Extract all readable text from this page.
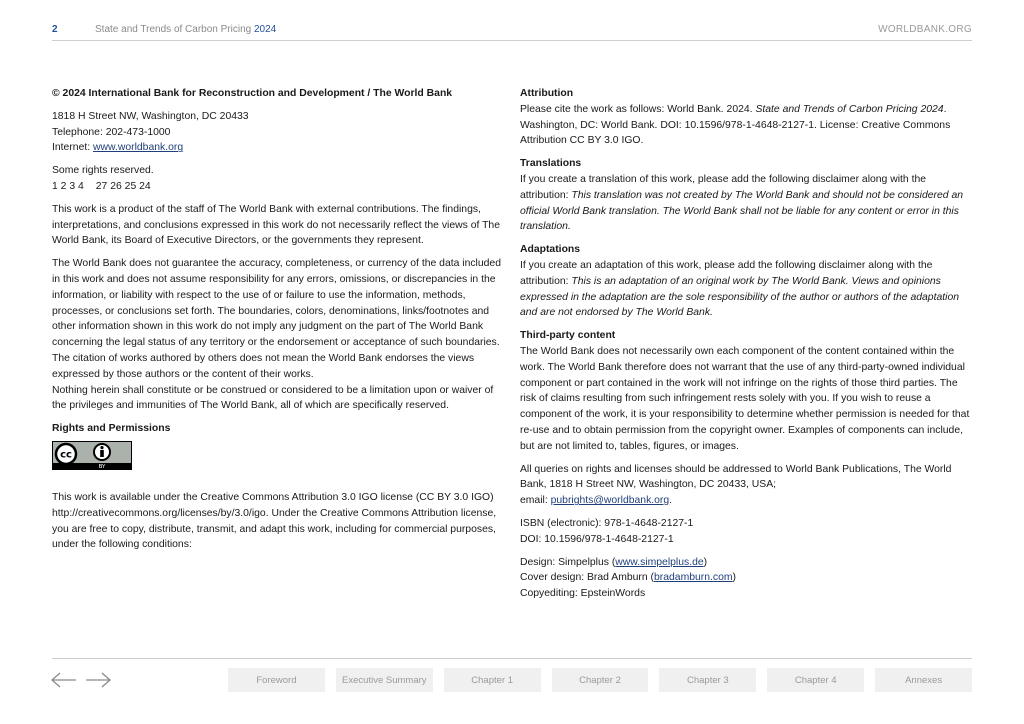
2	State and Trends of Carbon Pricing 2024	WORLDBANK.ORG

© 2024 International Bank for Reconstruction and Development / The World Bank

1818 H Street NW, Washington, DC 20433
Telephone: 202-473-1000
Internet: www.worldbank.org
Some rights reserved.
1 2 3 4 27 26 25 24

This work is a product of the staff of The World Bank with external contributions. The findings, interpretations, and conclusions expressed in this work do not necessarily reflect the views of The World Bank, its Board of Executive Directors, or the governments they represent.

The World Bank does not guarantee the accuracy, completeness, or currency of the data included in this work and does not assume responsibility for any errors, omissions, or discrepancies in the information, or liability with respect to the use of or failure to use the information, methods, processes, or conclusions set forth. The boundaries, colors, denominations, links/footnotes and other information shown in this work do not imply any judgment on the part of The World Bank concerning the legal status of any territory or the endorsement or acceptance of such boundaries. The citation of works authored by others does not mean the World Bank endorses the views expressed by those authors or the content of their works.

Nothing herein shall constitute or be construed or considered to be a limitation upon or waiver of the privileges and immunities of The World Bank, all of which are specifically reserved.

Rights and Permissions
cc
BY

This work is available under the Creative Commons Attribution 3.0 IGO license (CC BY 3.0 IGO) http://creativecommons.org/licenses/by/3.0/igo. Under the Creative Commons Attribution license, you are free to copy, distribute, transmit, and adapt this work, including for commercial purposes, under the following conditions:

Attribution
Please cite the work as follows: World Bank. 2024. State and Trends of Carbon Pricing 2024. Washington, DC: World Bank. DOI: 10.1596/978-1-4648-2127-1. License: Creative Commons Attribution CC BY 3.0 IGO.
Translations
If you create a translation of this work, please add the following disclaimer along with the attribution: This translation was not created by The World Bank and should not be considered an official World Bank translation. The World Bank shall not be liable for any content or error in this translation.
Adaptations
If you create an adaptation of this work, please add the following disclaimer along with the attribution: This is an adaptation of an original work by The World Bank. Views and opinions expressed in the adaptation are the sole responsibility of the author or authors of the adaptation and are not endorsed by The World Bank.
Third-party content
The World Bank does not necessarily own each component of the content contained within the work. The World Bank therefore does not warrant that the use of any third-party-owned individual component or part contained in the work will not infringe on the rights of those third parties. The risk of claims resulting from such infringement rests solely with you. If you wish to reuse a component of the work, it is your responsibility to determine whether permission is needed for that re-use and to obtain permission from the copyright owner. Examples of components can include, but are not limited to, tables, figures, or images.
All queries on rights and licenses should be addressed to World Bank Publications, The World Bank, 1818 H Street NW, Washington, DC 20433, USA;
email: pubrights@worldbank.org.
ISBN (electronic): 978-1-4648-2127-1
DOI: 10.1596/978-1-4648-2127-1
Design: Simpelplus (www.simpelplus.de)
Cover design: Brad Amburn (bradamburn.com)
Copyediting: EpsteinWords
Foreword	Executive Summary	Chapter 1	Chapter 2	Chapter 3	Chapter 4	Annexes
